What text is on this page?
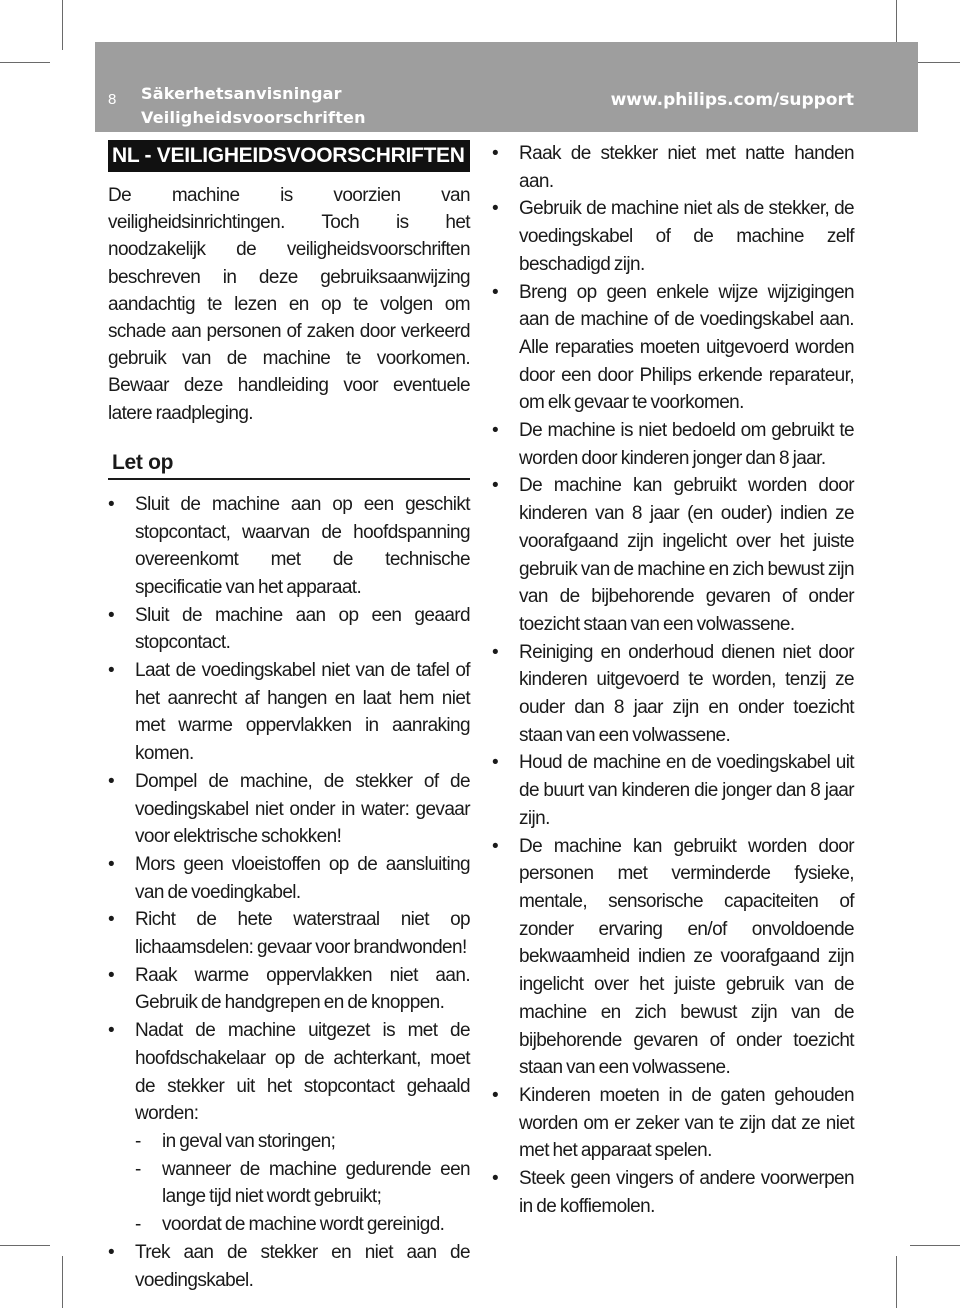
8 Säkerhetsanvisningar
Veiligheidsvoorschriften
www.philips.com/support
NL - VEILIGHEIDSVOORSCHRIFTEN

De machine is voorzien van veiligheidsinrichtingen. Toch is het noodzakelijk de veiligheidsvoorschriften beschreven in deze gebruiksaanwijzing aandachtig te lezen en op te volgen om schade aan personen of zaken door verkeerd gebruik van de machine te voorkomen. Bewaar deze handleiding voor eventuele latere raadpleging.

Let op
•	Sluit de machine aan op een geschikt stopcontact, waarvan de hoofdspanning overeenkomt met de technische specificatie van het apparaat.
•	Sluit de machine aan op een geaard stopcontact.
•	Laat de voedingskabel niet van de tafel of het aanrecht af hangen en laat hem niet met warme oppervlakken in aanraking komen.
•	Dompel de machine, de stekker of de voedingskabel niet onder in water: gevaar voor elektrische schokken!
•	Mors geen vloeistoffen op de aansluiting van de voedingkabel.
•	Richt de hete waterstraal niet op lichaamsdelen: gevaar voor brandwonden!
•	Raak warme oppervlakken niet aan. Gebruik de handgrepen en de knoppen.
•	Nadat de machine uitgezet is met de hoofdschakelaar op de achterkant, moet de stekker uit het stopcontact gehaald worden:
- in geval van storingen;
- wanneer de machine gedurende een lange tijd niet wordt gebruikt;
- voordat de machine wordt gereinigd.
•	Trek aan de stekker en niet aan de voedingskabel.
•	Raak de stekker niet met natte handen aan.
•	Gebruik de machine niet als de stekker, de voedingskabel of de machine zelf beschadigd zijn.
•	Breng op geen enkele wijze wijzigingen aan de machine of de voedingskabel aan. Alle reparaties moeten uitgevoerd worden door een door Philips erkende reparateur, om elk gevaar te voorkomen.
•	De machine is niet bedoeld om gebruikt te worden door kinderen jonger dan 8 jaar.
•	De machine kan gebruikt worden door kinderen van 8 jaar (en ouder) indien ze voorafgaand zijn ingelicht over het juiste gebruik van de machine en zich bewust zijn van de bijbehorende gevaren of onder toezicht staan van een volwassene.
•	Reiniging en onderhoud dienen niet door kinderen uitgevoerd te worden, tenzij ze ouder dan 8 jaar zijn en onder toezicht staan van een volwassene.
•	Houd de machine en de voedingskabel uit de buurt van kinderen die jonger dan 8 jaar zijn.
•	De machine kan gebruikt worden door personen met verminderde fysieke, mentale, sensorische capaciteiten of zonder ervaring en/of onvoldoende bekwaamheid indien ze voorafgaand zijn ingelicht over het juiste gebruik van de machine en zich bewust zijn van de bijbehorende gevaren of onder toezicht staan van een volwassene.
•	Kinderen moeten in de gaten gehouden worden om er zeker van te zijn dat ze niet met het apparaat spelen.
•	Steek geen vingers of andere voorwerpen in de koffiemolen.
